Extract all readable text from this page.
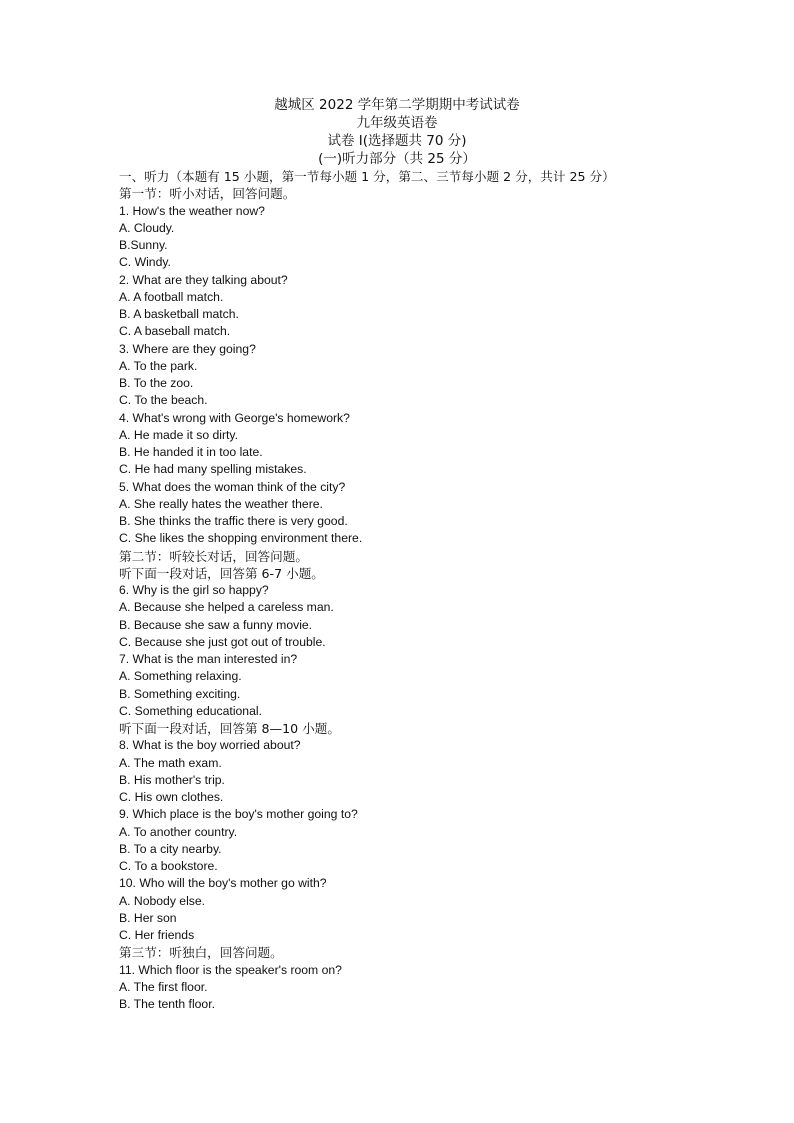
越城区 2022 学年第二学期期中考试试卷
九年级英语卷
试卷 I(选择题共 70 分)
(一)听力部分（共 25 分）
一、听力（本题有 15 小题，第一节每小题 1 分，第二、三节每小题 2 分，共计 25 分）
第一节：听小对话，回答问题。
1. How's the weather now?
A. Cloudy.
B.Sunny.
C. Windy.
2. What are they talking about?
A. A football match.
B. A basketball match.
C. A baseball match.
3. Where are they going?
A. To the park.
B. To the zoo.
C. To the beach.
4. What's wrong with George's homework?
A. He made it so dirty.
B. He handed it in too late.
C. He had many spelling mistakes.
5. What does the woman think of the city?
A. She really hates the weather there.
B. She thinks the traffic there is very good.
C. She likes the shopping environment there.
第二节：听较长对话，回答问题。
听下面一段对话，回答第 6-7 小题。
6. Why is the girl so happy?
A. Because she helped a careless man.
B. Because she saw a funny movie.
C. Because she just got out of trouble.
7. What is the man interested in?
A. Something relaxing.
B. Something exciting.
C. Something educational.
听下面一段对话，回答第 8—10 小题。
8. What is the boy worried about?
A. The math exam.
B. His mother's trip.
C. His own clothes.
9. Which place is the boy's mother going to?
A. To another country.
B. To a city nearby.
C. To a bookstore.
10. Who will the boy's mother go with?
A. Nobody else.
B. Her son
C. Her friends
第三节：听独白，回答问题。
11. Which floor is the speaker's room on?
A. The first floor.
B. The tenth floor.
